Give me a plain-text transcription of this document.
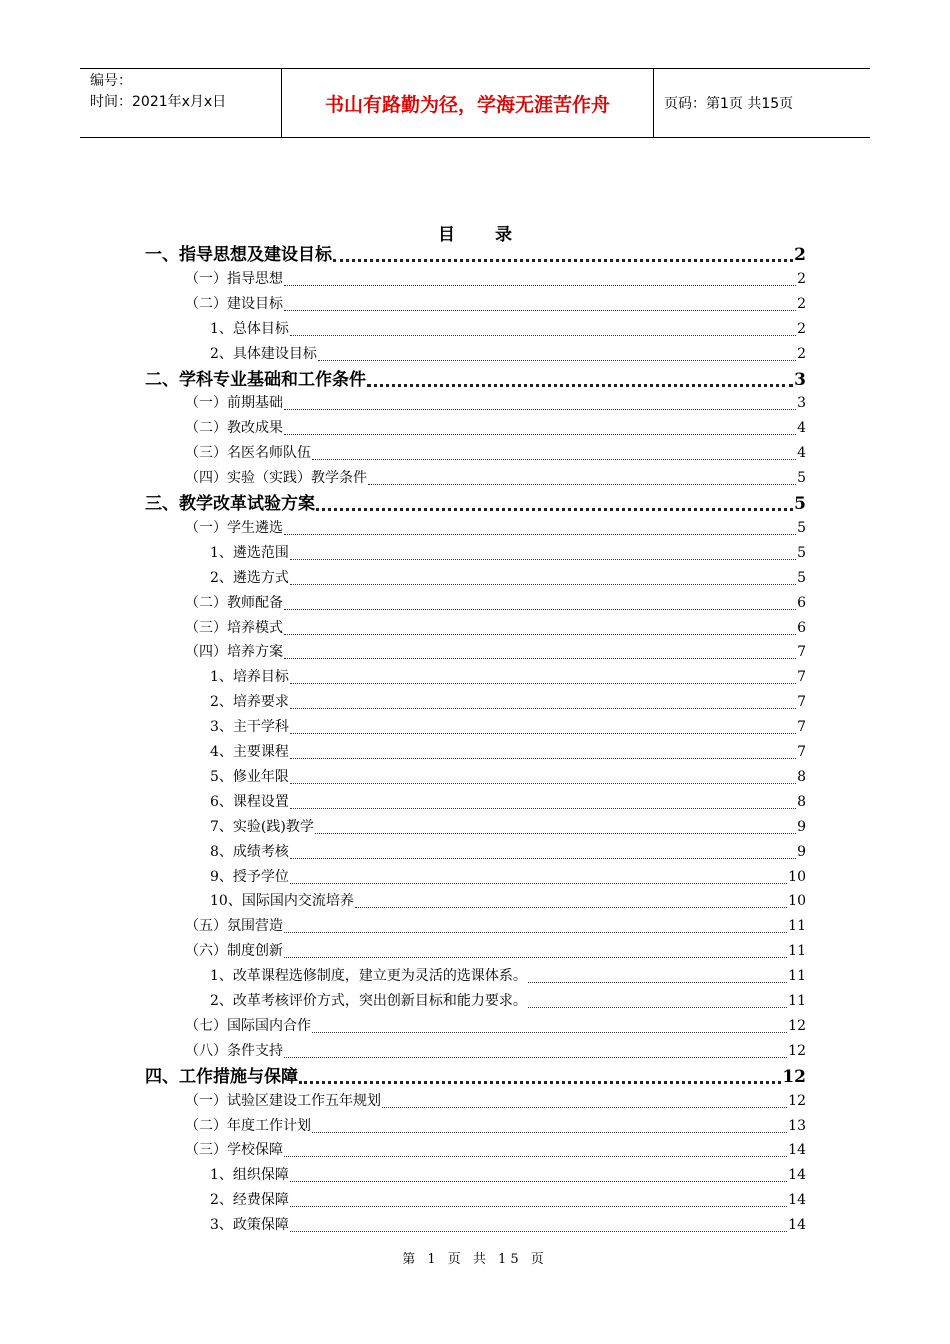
编号：
时间：2021年x月x日	书山有路勤为径，学海无涯苦作舟	页码：第1页 共15页
目录
一、指导思想及建设目标	2
（一）指导思想	2
（二）建设目标	2
1、总体目标	2
2、具体建设目标	2
二、学科专业基础和工作条件	3
（一）前期基础	3
（二）教改成果	4
（三）名医名师队伍	4
（四）实验（实践）教学条件	5
三、教学改革试验方案	5
（一）学生遴选	5
1、遴选范围	5
2、遴选方式	5
（二）教师配备	6
（三）培养模式	6
（四）培养方案	7
1、培养目标	7
2、培养要求	7
3、主干学科	7
4、主要课程	7
5、修业年限	8
6、课程设置	8
7、实验(践)教学	9
8、成绩考核	9
9、授予学位	10
10、国际国内交流培养	10
（五）氛围营造	11
（六）制度创新	11
1、改革课程选修制度，建立更为灵活的选课体系。	11
2、改革考核评价方式，突出创新目标和能力要求。	11
（七）国际国内合作	12
（八）条件支持	12
四、工作措施与保障	12
（一）试验区建设工作五年规划	12
（二）年度工作计划	13
（三）学校保障	14
1、组织保障	14
2、经费保障	14
3、政策保障	14
第 1 页 共 15 页
